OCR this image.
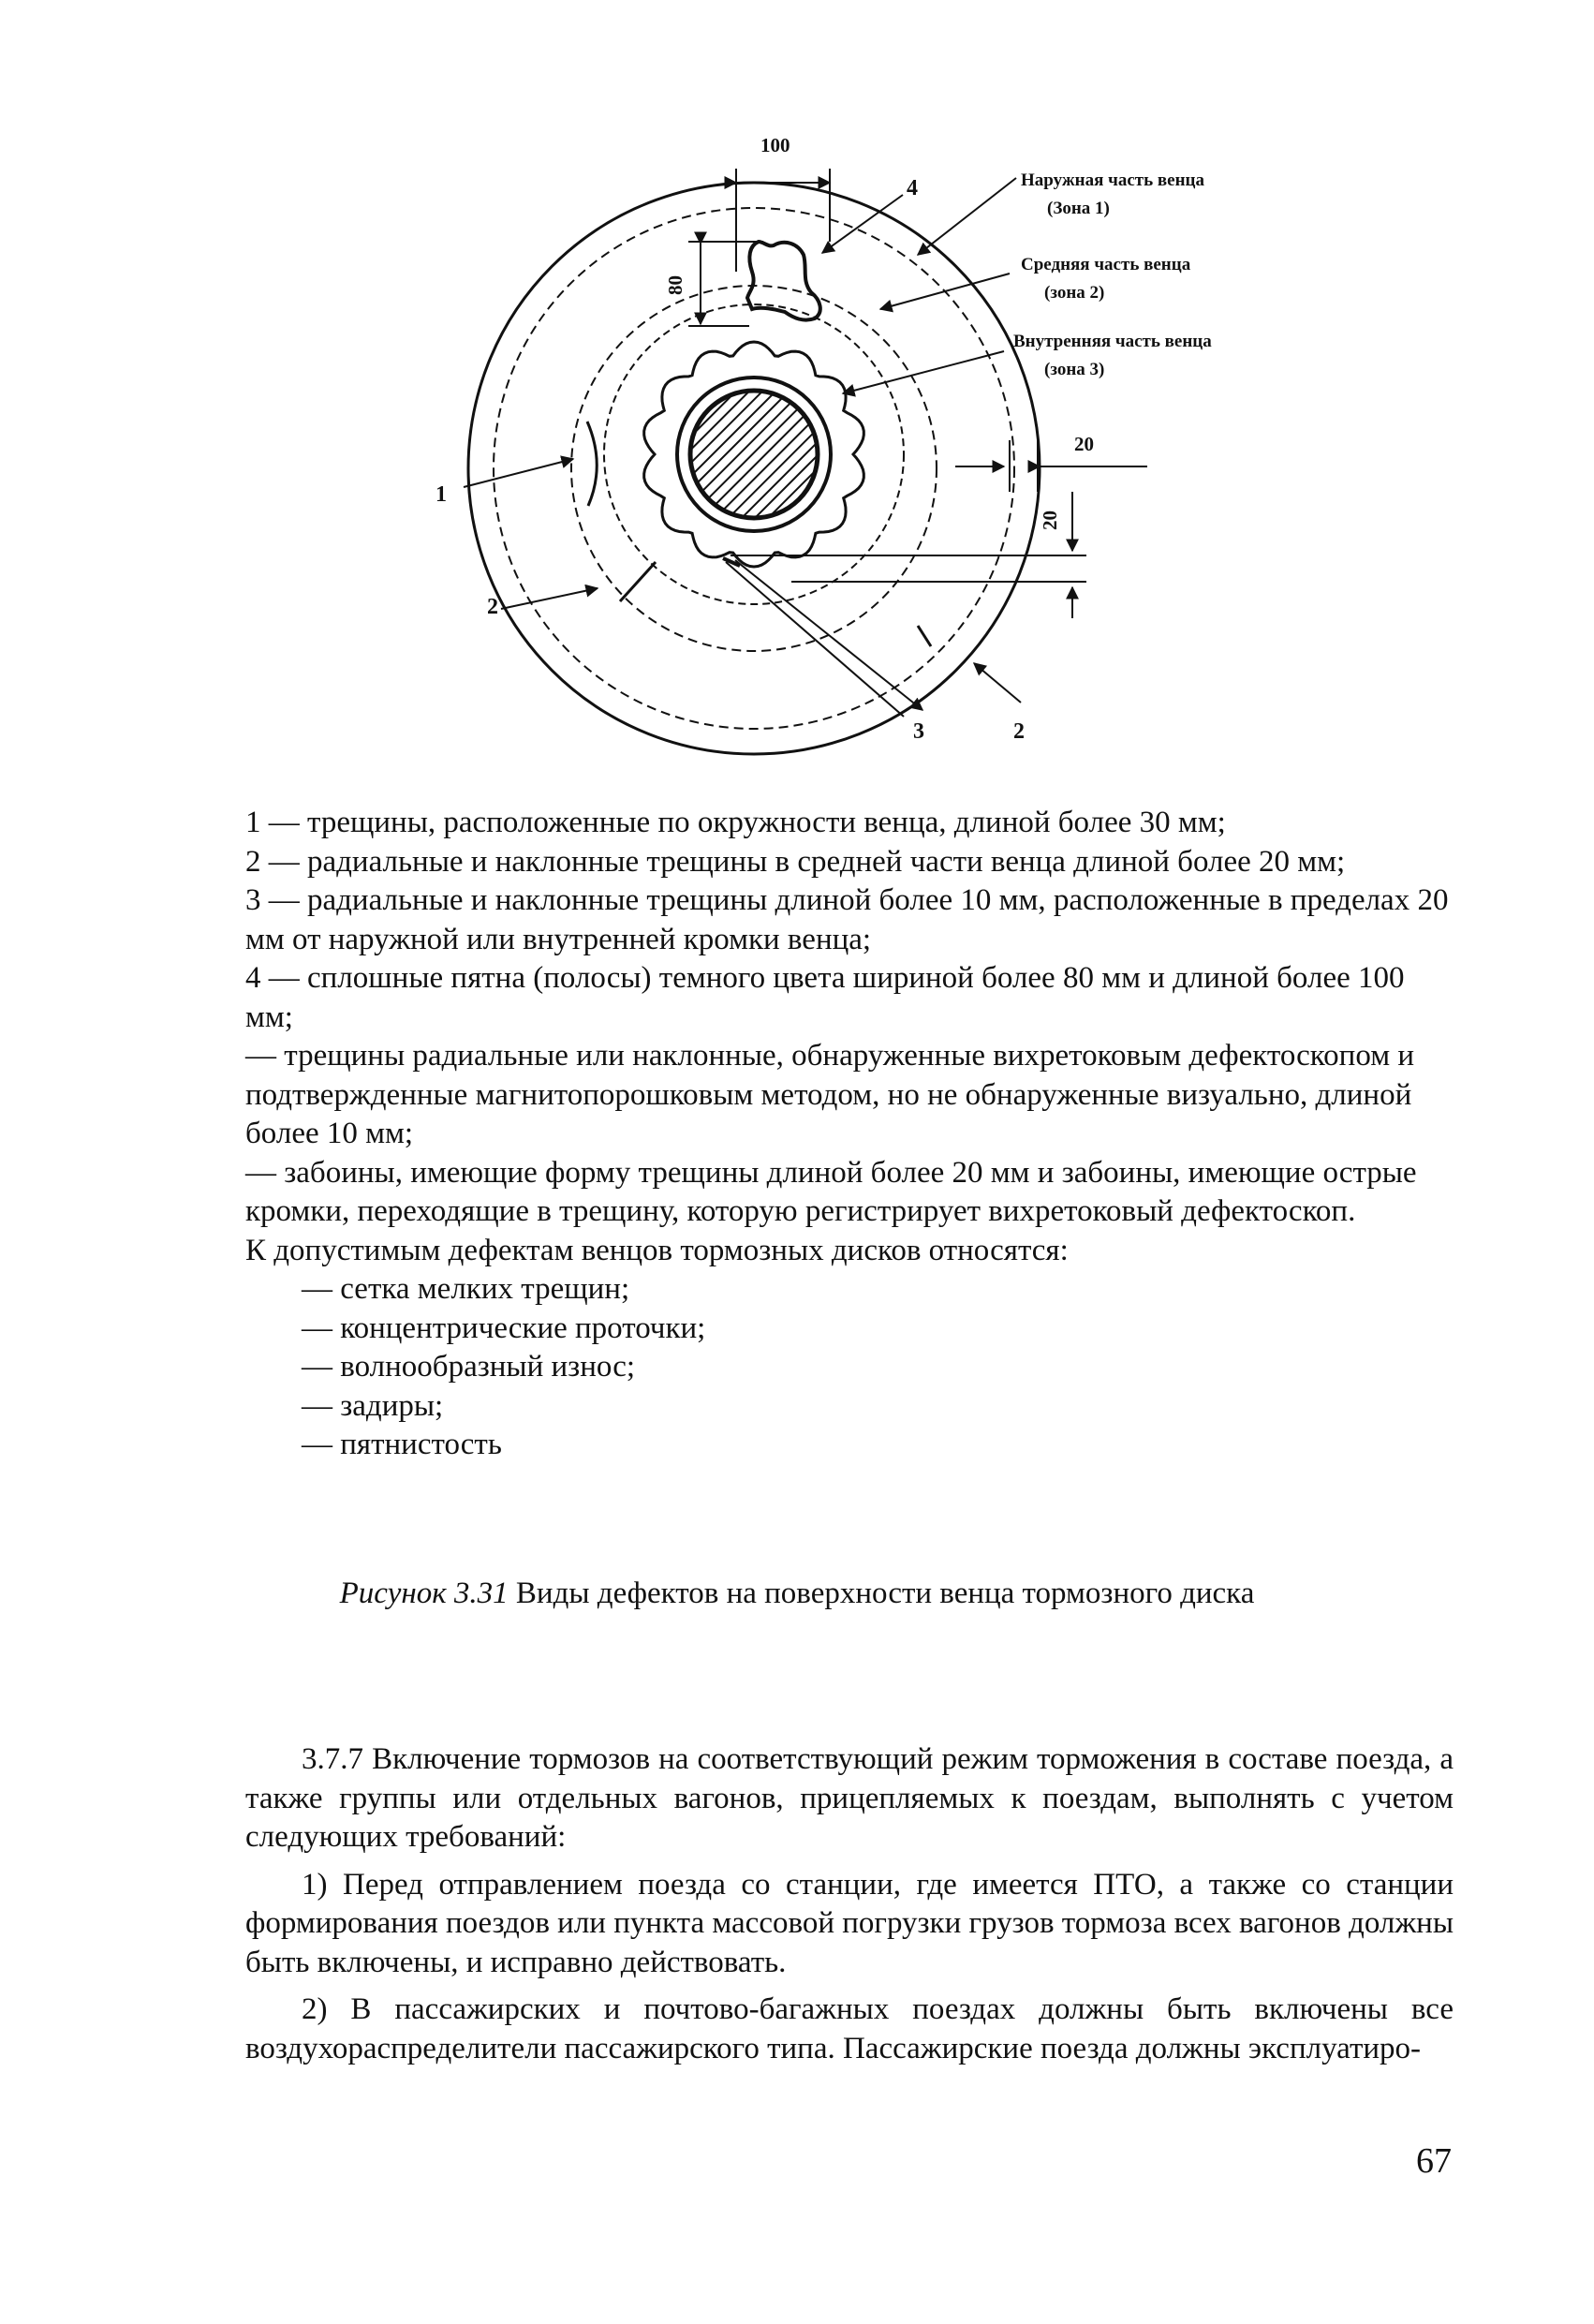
100
80
20
20
1
2
3	2
4	Наружная часть венца
(Зона 1)
Средняя часть венца
(зона 2)
Внутренняя часть венца
(зона 3)

1 — трещины, расположенные по окружности венца, длиной более 30 мм;

2 — радиальные и наклонные трещины в средней части венца длиной более 20 мм;

3 — радиальные и наклонные трещины длиной более 10 мм, расположенные в пределах 20 мм от наружной или внутренней кромки венца;

4 — сплошные пятна (полосы) темного цвета шириной более 80 мм и длиной более 100 мм;

— трещины радиальные или наклонные, обнаруженные вихретоковым дефектоскопом и подтвержденные магнитопорошковым методом, но не обнаруженные визуально, длиной более 10 мм;

— забоины, имеющие форму трещины длиной более 20 мм и забоины, имеющие острые кромки, переходящие в трещину, которую регистрирует вихретоковый дефектоскоп.

К допустимым дефектам венцов тормозных дисков относятся:

— сетка мелких трещин;

— концентрические проточки;

— волнообразный износ;

— задиры;

— пятнистость

Рисунок 3.31 Виды дефектов на поверхности венца тормозного диска

3.7.7 Включение тормозов на соответствующий режим торможения в составе поезда, а также группы или отдельных вагонов, прицепляемых к поездам, выполнять с учетом следующих требований:

1) Перед отправлением поезда со станции, где имеется ПТО, а также со станции формирования поездов или пункта массовой погрузки грузов тормоза всех вагонов должны быть включены, и исправно действовать.

2) В пассажирских и почтово-багажных поездах должны быть включены все воздухораспределители пассажирского типа. Пассажирские поезда должны эксплуатиро-

67
